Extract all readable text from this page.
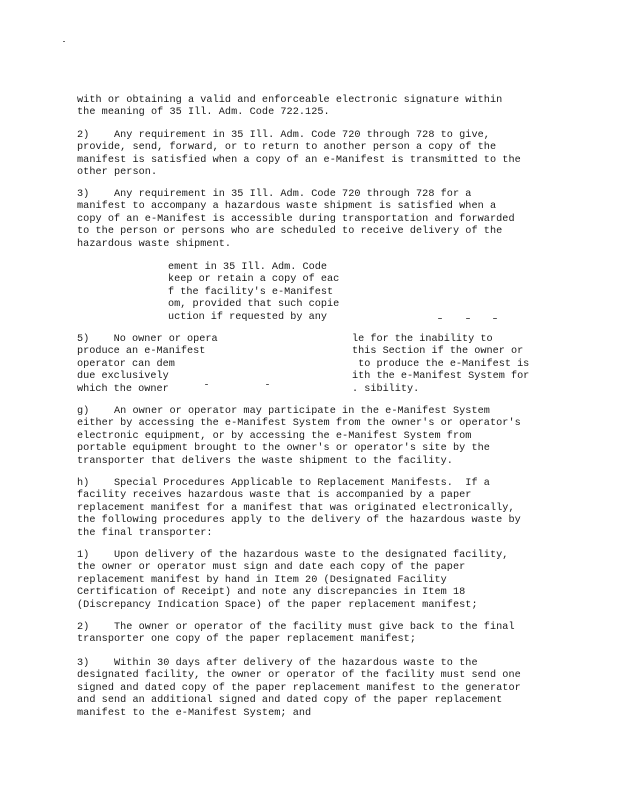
with or obtaining a valid and enforceable electronic signature within
the meaning of 35 Ill. Adm. Code 722.125.

2)    Any requirement in 35 Ill. Adm. Code 720 through 728 to give,
provide, send, forward, or to return to another person a copy of the
manifest is satisfied when a copy of an e-Manifest is transmitted to the
other person.

3)    Any requirement in 35 Ill. Adm. Code 720 through 728 for a
manifest to accompany a hazardous waste shipment is satisfied when a
copy of an e-Manifest is accessible during transportation and forwarded
to the person or persons who are scheduled to receive delivery of the
hazardous waste shipment.

ement in 35 Ill. Adm. Code
keep or retain a copy of eac
f the facility's e-Manifest
om, provided that such copie
uction if requested by any

5)    No owner or opera
produce an e-Manifest
operator can dem
due exclusively
which the owner

le for the inability to
this Section if the owner or
to produce the e-Manifest is
ith the e-Manifest System for
. sibility.

g)    An owner or operator may participate in the e-Manifest System
either by accessing the e-Manifest System from the owner's or operator's
electronic equipment, or by accessing the e-Manifest System from
portable equipment brought to the owner's or operator's site by the
transporter that delivers the waste shipment to the facility.

h)    Special Procedures Applicable to Replacement Manifests.  If a
facility receives hazardous waste that is accompanied by a paper
replacement manifest for a manifest that was originated electronically,
the following procedures apply to the delivery of the hazardous waste by
the final transporter:

1)    Upon delivery of the hazardous waste to the designated facility,
the owner or operator must sign and date each copy of the paper
replacement manifest by hand in Item 20 (Designated Facility
Certification of Receipt) and note any discrepancies in Item 18
(Discrepancy Indication Space) of the paper replacement manifest;

2)    The owner or operator of the facility must give back to the final
transporter one copy of the paper replacement manifest;

3)    Within 30 days after delivery of the hazardous waste to the
designated facility, the owner or operator of the facility must send one
signed and dated copy of the paper replacement manifest to the generator
and send an additional signed and dated copy of the paper replacement
manifest to the e-Manifest System; and
